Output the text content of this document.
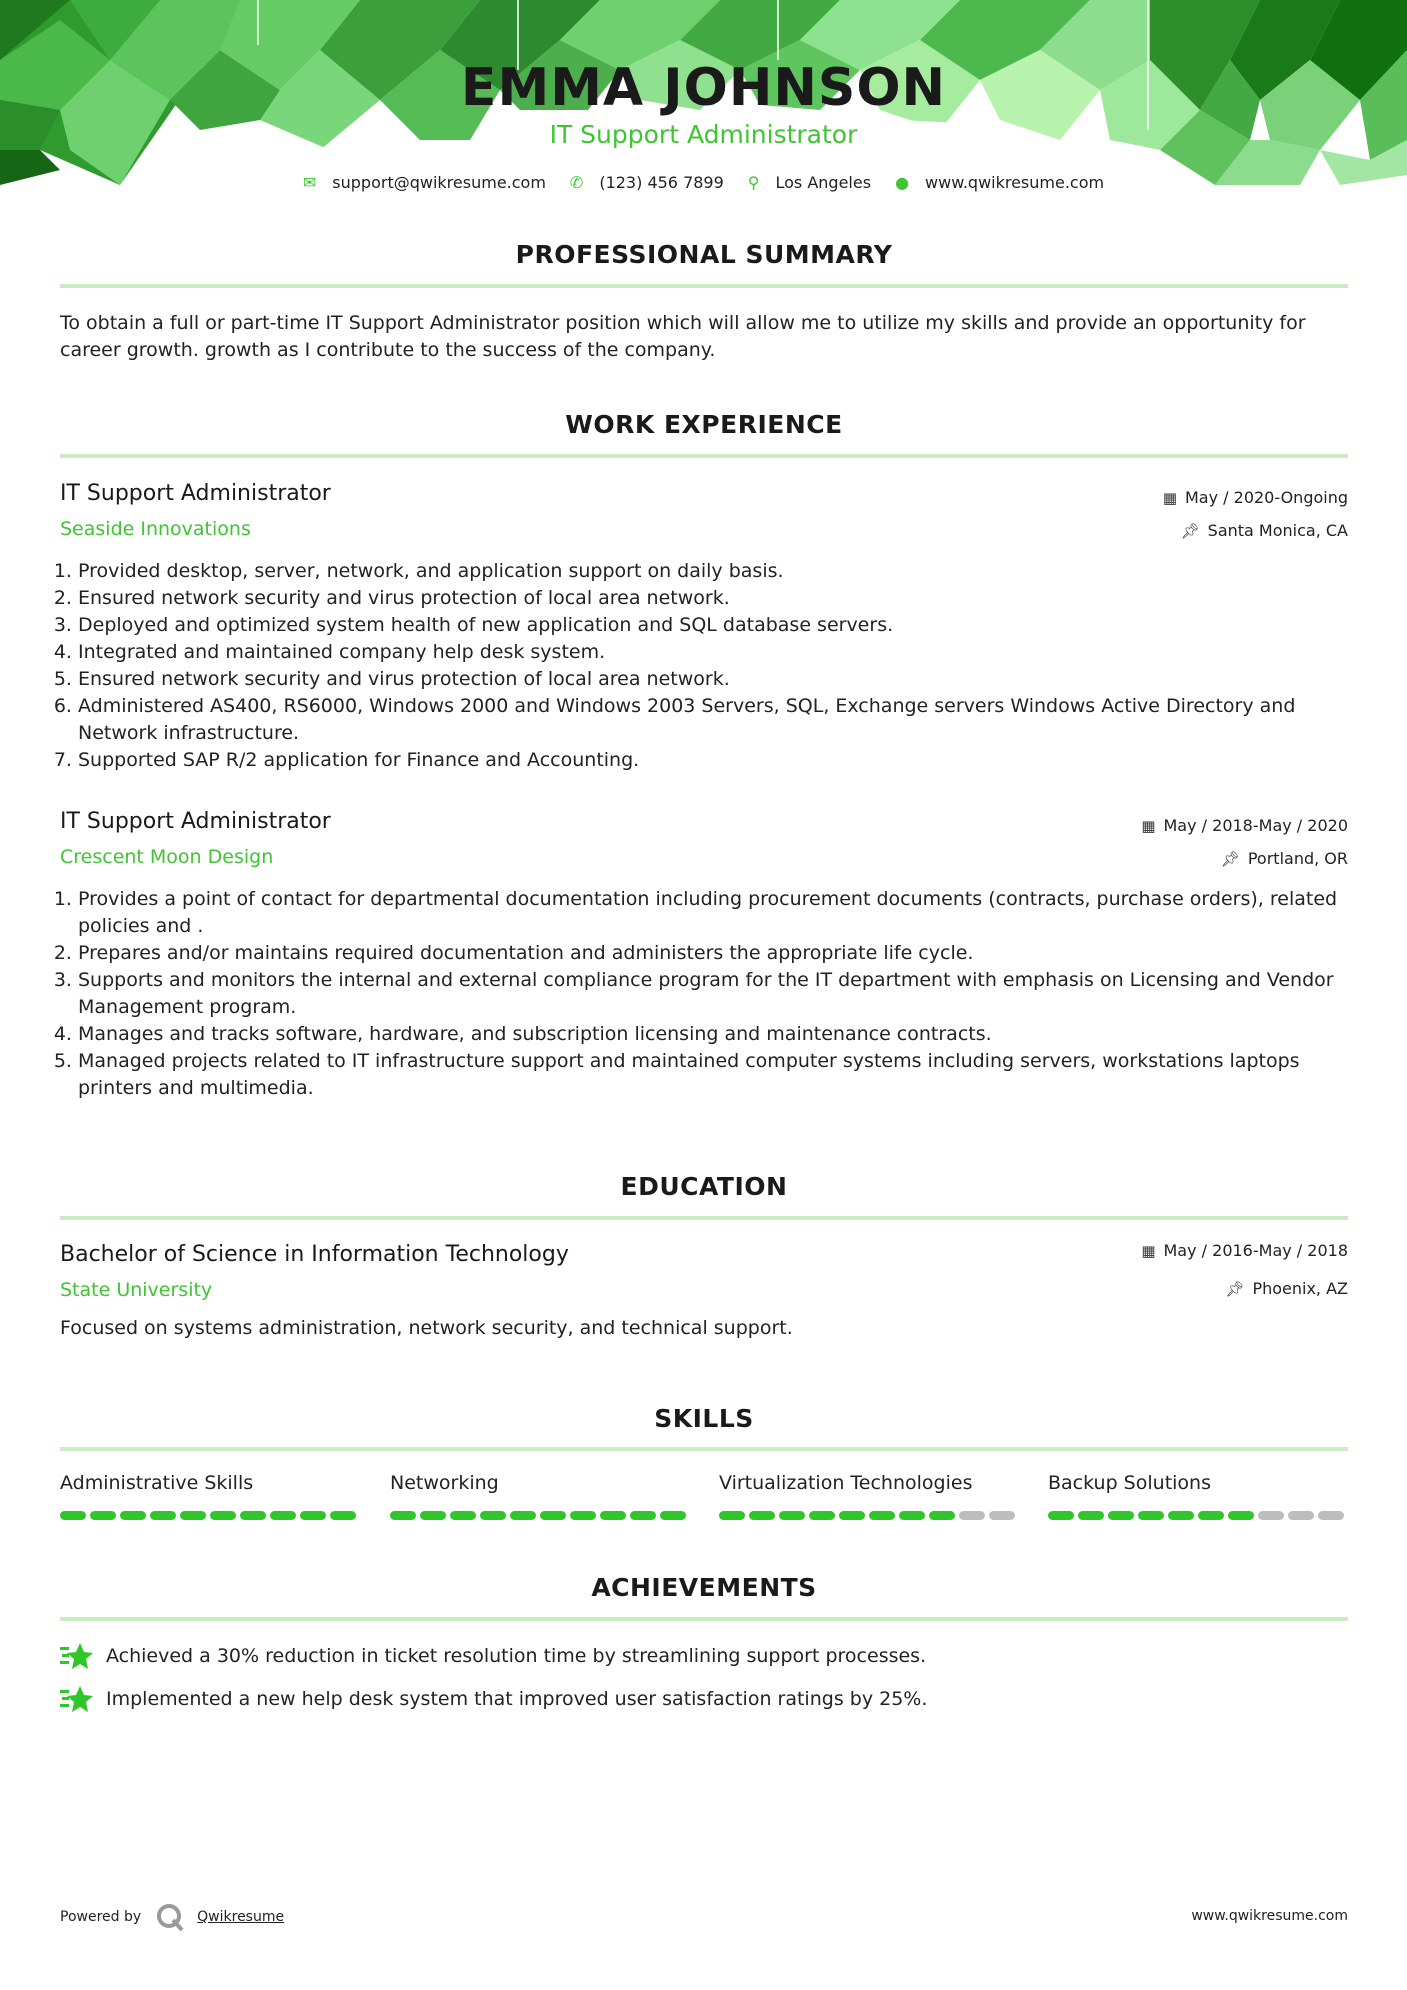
EMMA JOHNSON
IT Support Administrator
✉ support@qwikresume.com ✆ (123) 456 7899 ⚲ Los Angeles ● www.qwikresume.com
PROFESSIONAL SUMMARY
To obtain a full or part-time IT Support Administrator position which will allow me to utilize my skills and provide an opportunity for career growth. growth as I contribute to the success of the company.
WORK EXPERIENCE
IT Support Administrator
Seaside Innovations
▦ May / 2020-Ongoing
📌︎ Santa Monica, CA
1. Provided desktop, server, network, and application support on daily basis.
2. Ensured network security and virus protection of local area network.
3. Deployed and optimized system health of new application and SQL database servers.
4. Integrated and maintained company help desk system.
5. Ensured network security and virus protection of local area network.
6. Administered AS400, RS6000, Windows 2000 and Windows 2003 Servers, SQL, Exchange servers Windows Active Directory and Network infrastructure.
7. Supported SAP R/2 application for Finance and Accounting.
IT Support Administrator
Crescent Moon Design
▦ May / 2018-May / 2020
📌︎ Portland, OR
1. Provides a point of contact for departmental documentation including procurement documents (contracts, purchase orders), related policies and .
2. Prepares and/or maintains required documentation and administers the appropriate life cycle.
3. Supports and monitors the internal and external compliance program for the IT department with emphasis on Licensing and Vendor Management program.
4. Manages and tracks software, hardware, and subscription licensing and maintenance contracts.
5. Managed projects related to IT infrastructure support and maintained computer systems including servers, workstations laptops printers and multimedia.
EDUCATION
Bachelor of Science in Information Technology
State University
▦ May / 2016-May / 2018
📌︎ Phoenix, AZ
Focused on systems administration, network security, and technical support.
SKILLS
Administrative Skills	Networking	Virtualization Technologies	Backup Solutions
ACHIEVEMENTS
Achieved a 30% reduction in ticket resolution time by streamlining support processes.
Implemented a new help desk system that improved user satisfaction ratings by 25%.
Powered by	Qwikresume	www.qwikresume.com
